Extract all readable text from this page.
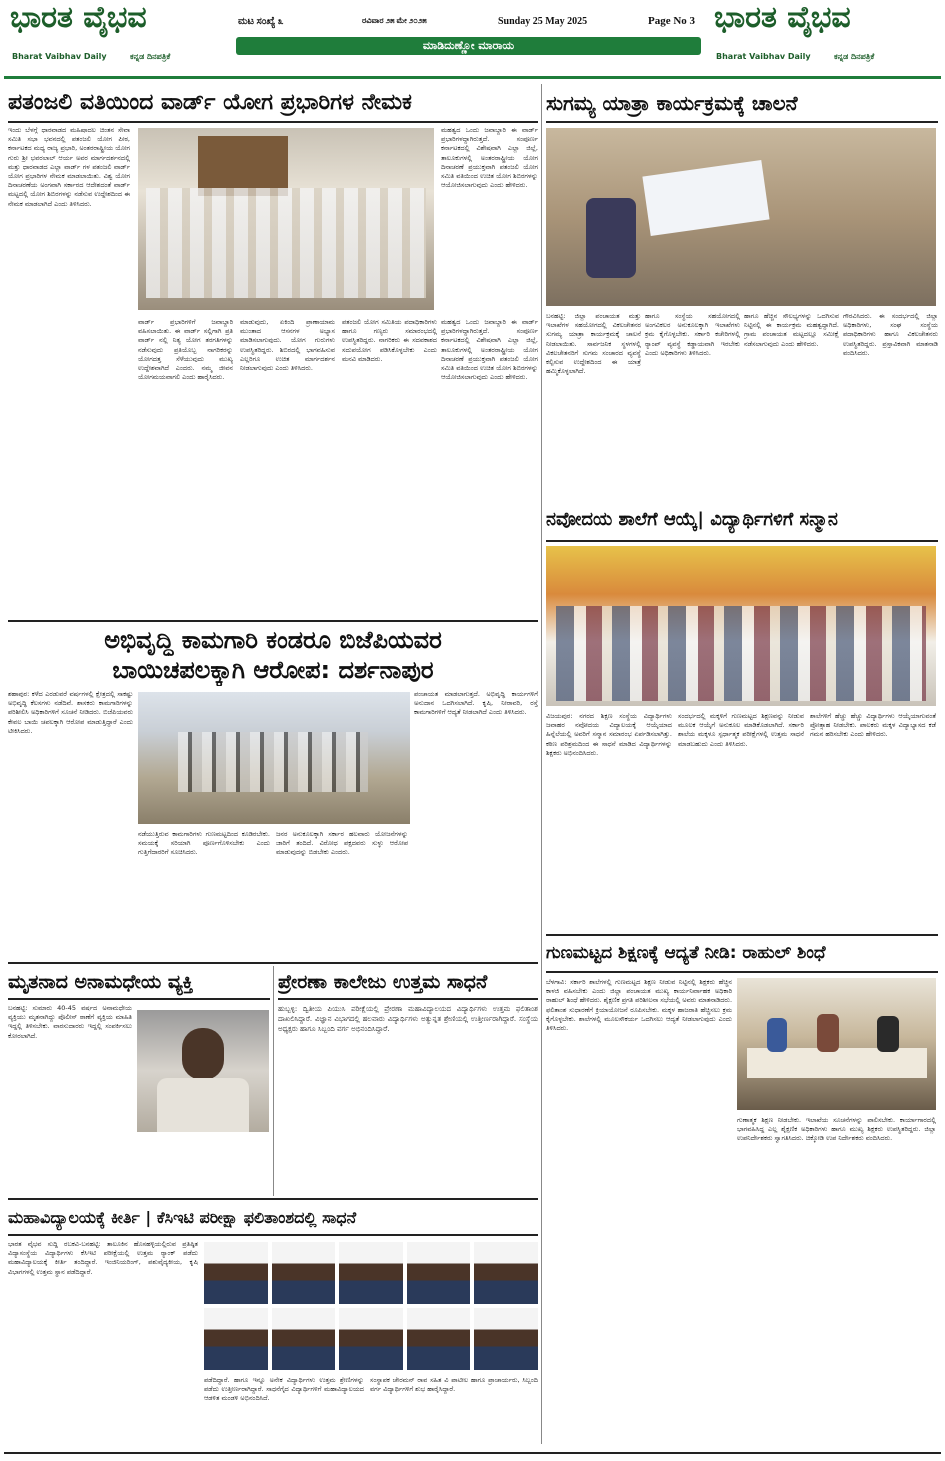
ಭಾರತ ವೈಭವ
Bharat Vaibhav Daily	ಕನ್ನಡ ದಿನಪತ್ರಿಕೆ
ಮಟ ಸಂಖ್ಯೆ ೩	ರವಿವಾರ ೨೫ ಮೇ ೨೦೨೫	Sunday 25 May 2025	Page No 3
ಮಾಡಿದುಣ್ಣೋ ಮಾರಾಯ
ಭಾರತ ವೈಭವ
Bharat Vaibhav Daily	ಕನ್ನಡ ದಿನಪತ್ರಿಕೆ
ಪತಂಜಲಿ ವತಿಯಿಂದ ವಾರ್ಡ್ ಯೋಗ ಪ್ರಭಾರಿಗಳ ನೇಮಕ
ಇಂದು ಬೆಳಗ್ಗೆ ಧಾರವಾಡದ ಮಹಿಷಾದಲ ಚಿಂತನ ಸೇವಾ ಸಮಿತಿ ಸಭಾ ಭವನದಲ್ಲಿ ಪತಂಜಲಿ ಯೋಗ ಪೀಠ, ಕರ್ನಾಟಕದ ಮಧ್ಯ ರಾಜ್ಯ ಪ್ರಭಾರಿ, ಅಂತರರಾಷ್ಟ್ರೀಯ ಯೋಗ ಗುರು ಶ್ರೀ ಭವರಲಾಲ್ ಆರ್ಯ ಅವರ ಮಾರ್ಗದರ್ಶನದಲ್ಲಿ ಮತ್ತು ಧಾರವಾಡದ ಎಲ್ಲಾ ವಾರ್ಡ್ ಗಳ ಪತಂಜಲಿ ವಾರ್ಡ್ ಯೋಗ ಪ್ರಭಾರಿಗಳ ನೇಮಕ ಮಾಡಲಾಯಿತು. ವಿಶ್ವ ಯೋಗ ದಿನಾಚರಣೆಯ ಅಂಗವಾಗಿ ಸರ್ಕಾರದ ಆದೇಶದಂತೆ ವಾರ್ಡ್ ಮಟ್ಟದಲ್ಲಿ ಯೋಗ ಶಿಬಿರಗಳನ್ನು ನಡೆಸುವ ಉದ್ದೇಶದಿಂದ ಈ ನೇಮಕ ಮಾಡಲಾಗಿದೆ ಎಂದು ತಿಳಿಸಿದರು.
ಮಹತ್ವದ ಒಂದು ಜವಾಬ್ದಾರಿ ಈ ವಾರ್ಡ್ ಪ್ರಭಾರಿಗಳದ್ದಾಗಿರುತ್ತದೆ. ಸಂಪೂರ್ಣ ಕರ್ನಾಟಕದಲ್ಲಿ ವಿಶೇಷವಾಗಿ ಎಲ್ಲಾ ಜಿಲ್ಲೆ, ತಾಲೂಕುಗಳಲ್ಲಿ ಅಂತರರಾಷ್ಟ್ರೀಯ ಯೋಗ ದಿನಾಚರಣೆ ಪ್ರಯುಕ್ತವಾಗಿ ಪತಂಜಲಿ ಯೋಗ ಸಮಿತಿ ವತಿಯಿಂದ ಉಚಿತ ಯೋಗ ಶಿಬಿರಗಳನ್ನು ಆಯೋಜಿಸಲಾಗುವುದು ಎಂದು ಹೇಳಿದರು.
ವಾರ್ಡ್ ಪ್ರಭಾರಿಗಳಿಗೆ ಜವಾಬ್ದಾರಿ ವಹಿಸಲಾಯಿತು. ಈ ವಾರ್ಡ್ ಸಲ್ಲಿಗಾಗಿ ಪ್ರತಿ ವಾರ್ಡ್ ನಲ್ಲಿ ನಿತ್ಯ ಯೋಗ ತರಗತಿಗಳನ್ನು ನಡೆಸುವುದು ಪ್ರತಿಯೊಬ್ಬ ನಾಗರಿಕರನ್ನು ಯೋಗದತ್ತ ಸೆಳೆಯುವುದು ಮುಖ್ಯ ಉದ್ದೇಶವಾಗಿದೆ ಎಂದರು. ನಮ್ಮ ಜೀವನ ಯೋಗಮಯವಾಗಲಿ ಎಂದು ಹಾರೈಸಿದರು.
ಮಾಡುವುದು, ಏಕಿಂದಿ ಪ್ರಾಣಾಯಾಮ ಮುಂತಾದ ಆಸನಗಳ ಅಭ್ಯಾಸ ಮಾಡಿಸಲಾಗುವುದು. ಯೋಗ ಗುರುಗಳು ಉಪಸ್ಥಿತರಿದ್ದರು. ಶಿಬಿರದಲ್ಲಿ ಭಾಗವಹಿಸುವ ಎಲ್ಲರಿಗೂ ಉಚಿತ ಮಾರ್ಗದರ್ಶನ ನೀಡಲಾಗುವುದು ಎಂದು ತಿಳಿಸಿದರು.
ಪತಂಜಲಿ ಯೋಗ ಸಮಿತಿಯ ಪದಾಧಿಕಾರಿಗಳು ಹಾಗೂ ಗಣ್ಯರು ಸಮಾರಂಭದಲ್ಲಿ ಉಪಸ್ಥಿತರಿದ್ದರು. ನಾಗರಿಕರು ಈ ಸದವಕಾಶದ ಸದುಪಯೋಗ ಪಡಿಸಿಕೊಳ್ಳಬೇಕು ಎಂದು ಮನವಿ ಮಾಡಿದರು.
ಮಹತ್ವದ ಒಂದು ಜವಾಬ್ದಾರಿ ಈ ವಾರ್ಡ್ ಪ್ರಭಾರಿಗಳದ್ದಾಗಿರುತ್ತದೆ. ಸಂಪೂರ್ಣ ಕರ್ನಾಟಕದಲ್ಲಿ ವಿಶೇಷವಾಗಿ ಎಲ್ಲಾ ಜಿಲ್ಲೆ, ತಾಲೂಕುಗಳಲ್ಲಿ ಅಂತರರಾಷ್ಟ್ರೀಯ ಯೋಗ ದಿನಾಚರಣೆ ಪ್ರಯುಕ್ತವಾಗಿ ಪತಂಜಲಿ ಯೋಗ ಸಮಿತಿ ವತಿಯಿಂದ ಉಚಿತ ಯೋಗ ಶಿಬಿರಗಳನ್ನು ಆಯೋಜಿಸಲಾಗುವುದು ಎಂದು ಹೇಳಿದರು.
ಸುಗಮ್ಯ ಯಾತ್ರಾ ಕಾರ್ಯಕ್ರಮಕ್ಕೆ ಚಾಲನೆ
ಬನಹಟ್ಟಿ: ಜಿಲ್ಲಾ ಪಂಚಾಯತ ಮತ್ತು ಇಲಾಖೆಗಳ ಸಹಯೋಗದಲ್ಲಿ ವಿಕಲಚೇತನರ ಸುಗಮ್ಯ ಯಾತ್ರಾ ಕಾರ್ಯಕ್ರಮಕ್ಕೆ ಚಾಲನೆ ನೀಡಲಾಯಿತು. ಸಾರ್ವಜನಿಕ ಸ್ಥಳಗಳಲ್ಲಿ ವಿಕಲಚೇತನರಿಗೆ ಸುಗಮ ಸಂಚಾರದ ವ್ಯವಸ್ಥೆ ಕಲ್ಪಿಸುವ ಉದ್ದೇಶದಿಂದ ಈ ಯಾತ್ರೆ ಹಮ್ಮಿಕೊಳ್ಳಲಾಗಿದೆ.
ಹಾಗೂ ಸಂಸ್ಥೆಯ ಸಹಯೋಗದಲ್ಲಿ ಅಂಗವಿಕಲರ ಅನುಕೂಲಕ್ಕಾಗಿ ಇಲಾಖೆಗಳು ಕ್ರಮ ಕೈಗೊಳ್ಳಬೇಕು. ಸರ್ಕಾರಿ ಕಚೇರಿಗಳಲ್ಲಿ ರ್‍ಯಾಂಪ್ ವ್ಯವಸ್ಥೆ ಕಡ್ಡಾಯವಾಗಿ ಇರಬೇಕು ಎಂದು ಅಧಿಕಾರಿಗಳು ತಿಳಿಸಿದರು.
ಹಾಗೂ ಹೆಚ್ಚಿನ ಸೌಲಭ್ಯಗಳನ್ನು ಒದಗಿಸುವ ನಿಟ್ಟಿನಲ್ಲಿ ಈ ಕಾರ್ಯಕ್ರಮ ಮಹತ್ವದ್ದಾಗಿದೆ. ಗ್ರಾಮ ಪಂಚಾಯತ ಮಟ್ಟದಲ್ಲೂ ಸಮೀಕ್ಷೆ ನಡೆಸಲಾಗುವುದು ಎಂದು ಹೇಳಿದರು.
ಗೌರವಿಸಿದರು. ಈ ಸಂದರ್ಭದಲ್ಲಿ ಜಿಲ್ಲಾ ಅಧಿಕಾರಿಗಳು, ಸಂಘ ಸಂಸ್ಥೆಯ ಪದಾಧಿಕಾರಿಗಳು ಹಾಗೂ ವಿಕಲಚೇತನರು ಉಪಸ್ಥಿತರಿದ್ದರು. ಪ್ರಸ್ತಾವಿಕವಾಗಿ ಮಾತನಾಡಿ ವಂದಿಸಿದರು.
ನವೋದಯ ಶಾಲೆಗೆ ಆಯ್ಕೆ| ವಿದ್ಯಾರ್ಥಿಗಳಿಗೆ ಸನ್ಮಾನ
ವಿಜಯಪುರ: ನಗರದ ಶಿಕ್ಷಣ ಸಂಸ್ಥೆಯ ವಿದ್ಯಾರ್ಥಿಗಳು ಜವಾಹರ ನವೋದಯ ವಿದ್ಯಾಲಯಕ್ಕೆ ಆಯ್ಕೆಯಾದ ಹಿನ್ನೆಲೆಯಲ್ಲಿ ಅವರಿಗೆ ಸನ್ಮಾನ ಸಮಾರಂಭ ಏರ್ಪಡಿಸಲಾಗಿತ್ತು. ಕಠಿಣ ಪರಿಶ್ರಮದಿಂದ ಈ ಸಾಧನೆ ಮಾಡಿದ ವಿದ್ಯಾರ್ಥಿಗಳನ್ನು ಶಿಕ್ಷಕರು ಅಭಿನಂದಿಸಿದರು.
ಸಂದರ್ಭದಲ್ಲಿ ಮಕ್ಕಳಿಗೆ ಗುಣಮಟ್ಟದ ಶಿಕ್ಷಣವನ್ನು ನೀಡುವ ಮೂಲಕ ಆಯ್ಕೆಗೆ ಅನುಕೂಲ ಮಾಡಿಕೊಡಲಾಗಿದೆ. ಸರ್ಕಾರಿ ಶಾಲೆಯ ಮಕ್ಕಳೂ ಸ್ಪರ್ಧಾತ್ಮಕ ಪರೀಕ್ಷೆಗಳಲ್ಲಿ ಉತ್ತಮ ಸಾಧನೆ ಮಾಡಬಹುದು ಎಂದು ತಿಳಿಸಿದರು.
ಶಾಲೆಗಳಿಗೆ ಹೆಚ್ಚು ಹೆಚ್ಚು ವಿದ್ಯಾರ್ಥಿಗಳು ಆಯ್ಕೆಯಾಗುವಂತೆ ಪ್ರೋತ್ಸಾಹ ನೀಡಬೇಕು. ಪಾಲಕರು ಮಕ್ಕಳ ವಿದ್ಯಾಭ್ಯಾಸದ ಕಡೆ ಗಮನ ಹರಿಸಬೇಕು ಎಂದು ಹೇಳಿದರು.
ಅಭಿವೃದ್ಧಿ ಕಾಮಗಾರಿ ಕಂಡರೂ ಬಿಜೆಪಿಯವರ
ಬಾಯಿಚಪಲಕ್ಕಾಗಿ ಆರೋಪ: ದರ್ಶನಾಪುರ
ಶಹಾಪುರ: ಕಳೆದ ಎರಡುವರೆ ವರ್ಷಗಳಲ್ಲಿ ಕ್ಷೇತ್ರದಲ್ಲಿ ಸಾಕಷ್ಟು ಅಭಿವೃದ್ಧಿ ಕೆಲಸಗಳು ನಡೆದಿವೆ. ಶಾಸಕರು ಕಾಮಗಾರಿಗಳನ್ನು ಪರಿಶೀಲಿಸಿ ಅಧಿಕಾರಿಗಳಿಗೆ ಸೂಚನೆ ನೀಡಿದರು. ಬಿಜೆಪಿಯವರು ಕೇವಲ ಬಾಯಿ ಚಪಲಕ್ಕಾಗಿ ಆರೋಪ ಮಾಡುತ್ತಿದ್ದಾರೆ ಎಂದು ಟೀಕಿಸಿದರು.
ಪಂಚಾಯತ ಮಾಡಲಾಗುತ್ತದೆ. ಅಭಿವೃದ್ಧಿ ಕಾರ್ಯಗಳಿಗೆ ಅನುದಾನ ಒದಗಿಸಲಾಗಿದೆ. ಕೃಷಿ, ನೀರಾವರಿ, ರಸ್ತೆ ಕಾಮಗಾರಿಗಳಿಗೆ ಆದ್ಯತೆ ನೀಡಲಾಗಿದೆ ಎಂದು ತಿಳಿಸಿದರು.
ನಡೆಯುತ್ತಿರುವ ಕಾಮಗಾರಿಗಳು ಗುಣಮಟ್ಟದಿಂದ ಕೂಡಿರಬೇಕು. ಸಮಯಕ್ಕೆ ಸರಿಯಾಗಿ ಪೂರ್ಣಗೊಳಿಸಬೇಕು ಎಂದು ಗುತ್ತಿಗೆದಾರರಿಗೆ ಸೂಚಿಸಿದರು.
ಜನರ ಅನುಕೂಲಕ್ಕಾಗಿ ಸರ್ಕಾರ ಹಲವಾರು ಯೋಜನೆಗಳನ್ನು ಜಾರಿಗೆ ತಂದಿದೆ. ವಿರೋಧ ಪಕ್ಷದವರು ಸುಳ್ಳು ಆರೋಪ ಮಾಡುವುದನ್ನು ಬಿಡಬೇಕು ಎಂದರು.
ಮೃತನಾದ ಅನಾಮಧೇಯ ವ್ಯಕ್ತಿ
ಬನಹಟ್ಟಿ: ಸುಮಾರು 40-45 ವರ್ಷದ ಅನಾಮಧೇಯ ವ್ಯಕ್ತಿಯು ಮೃತನಾಗಿದ್ದು ಪೊಲೀಸ್ ಠಾಣೆಗೆ ವ್ಯಕ್ತಿಯ ಮಾಹಿತಿ ಇದ್ದಲ್ಲಿ ತಿಳಿಸಬೇಕು. ವಾರಸುದಾರರು ಇದ್ದಲ್ಲಿ ಸಂಪರ್ಕಿಸಲು ಕೋರಲಾಗಿದೆ.
ಪ್ರೇರಣಾ ಕಾಲೇಜು ಉತ್ತಮ ಸಾಧನೆ
ಹುಬ್ಬಳ್ಳಿ: ದ್ವಿತೀಯ ಪಿಯುಸಿ ಪರೀಕ್ಷೆಯಲ್ಲಿ ಪ್ರೇರಣಾ ಮಹಾವಿದ್ಯಾಲಯದ ವಿದ್ಯಾರ್ಥಿಗಳು ಉತ್ತಮ ಫಲಿತಾಂಶ ದಾಖಲಿಸಿದ್ದಾರೆ. ವಿಜ್ಞಾನ ವಿಭಾಗದಲ್ಲಿ ಹಲವಾರು ವಿದ್ಯಾರ್ಥಿಗಳು ಅತ್ಯುನ್ನತ ಶ್ರೇಣಿಯಲ್ಲಿ ಉತ್ತೀರ್ಣರಾಗಿದ್ದಾರೆ. ಸಂಸ್ಥೆಯ ಅಧ್ಯಕ್ಷರು ಹಾಗೂ ಸಿಬ್ಬಂದಿ ವರ್ಗ ಅಭಿನಂದಿಸಿದ್ದಾರೆ.
ಮಹಾವಿದ್ಯಾಲಯಕ್ಕೆ ಕೀರ್ತಿ | ಕೆಸಿಇಟಿ ಪರೀಕ್ಷಾ ಫಲಿತಾಂಶದಲ್ಲಿ ಸಾಧನೆ
ಭಾರತ ವೈಭವ ಸುದ್ದಿ ರಬಕವಿ-ಬನಹಟ್ಟಿ: ತಾಲೂಕಿನ ಹೊಸಹಳ್ಳಿಯಲ್ಲಿರುವ ಪ್ರತಿಷ್ಠಿತ ವಿದ್ಯಾಸಂಸ್ಥೆಯ ವಿದ್ಯಾರ್ಥಿಗಳು ಕೆಸಿಇಟಿ ಪರೀಕ್ಷೆಯಲ್ಲಿ ಉತ್ತಮ ರ್‍ಯಾಂಕ್ ಪಡೆದು ಮಹಾವಿದ್ಯಾಲಯಕ್ಕೆ ಕೀರ್ತಿ ತಂದಿದ್ದಾರೆ. ಇಂಜಿನಿಯರಿಂಗ್, ಪಶುವೈದ್ಯಕೀಯ, ಕೃಷಿ ವಿಭಾಗಗಳಲ್ಲಿ ಉತ್ತಮ ಸ್ಥಾನ ಪಡೆದಿದ್ದಾರೆ.
ಪಡೆದಿದ್ದಾರೆ. ಹಾಗೂ ಇನ್ನೂ ಅನೇಕ ವಿದ್ಯಾರ್ಥಿಗಳು ಉತ್ತಮ ಶ್ರೇಣಿಗಳನ್ನು ಪಡೆದು ಉತ್ತೀರ್ಣರಾಗಿದ್ದಾರೆ. ಸಾಧನೆಗೈದ ವಿದ್ಯಾರ್ಥಿಗಳಿಗೆ ಮಹಾವಿದ್ಯಾಲಯದ ಆಡಳಿತ ಮಂಡಳಿ ಅಭಿನಂದಿಸಿದೆ.
ಸಂಸ್ಥಾಪಕ ಚೇರಮನ್ ರಾವ ಸಹಿತ ವಿ ಪಾಟೀಲ ಹಾಗೂ ಪ್ರಾಚಾರ್ಯರು, ಸಿಬ್ಬಂದಿ ವರ್ಗ ವಿದ್ಯಾರ್ಥಿಗಳಿಗೆ ಶುಭ ಹಾರೈಸಿದ್ದಾರೆ.
ಗುಣಮಟ್ಟದ ಶಿಕ್ಷಣಕ್ಕೆ ಆದ್ಯತೆ ನೀಡಿ: ರಾಹುಲ್ ಶಿಂಧೆ
ಬೆಳಗಾವಿ: ಸರ್ಕಾರಿ ಶಾಲೆಗಳಲ್ಲಿ ಗುಣಮಟ್ಟದ ಶಿಕ್ಷಣ ನೀಡುವ ನಿಟ್ಟಿನಲ್ಲಿ ಶಿಕ್ಷಕರು ಹೆಚ್ಚಿನ ಕಾಳಜಿ ವಹಿಸಬೇಕು ಎಂದು ಜಿಲ್ಲಾ ಪಂಚಾಯತ ಮುಖ್ಯ ಕಾರ್ಯನಿರ್ವಾಹಕ ಅಧಿಕಾರಿ ರಾಹುಲ್ ಶಿಂಧೆ ಹೇಳಿದರು. ಶೈಕ್ಷಣಿಕ ಪ್ರಗತಿ ಪರಿಶೀಲನಾ ಸಭೆಯಲ್ಲಿ ಅವರು ಮಾತನಾಡಿದರು. ಫಲಿತಾಂಶ ಸುಧಾರಣೆಗೆ ಕ್ರಿಯಾಯೋಜನೆ ರೂಪಿಸಬೇಕು. ಮಕ್ಕಳ ಹಾಜರಾತಿ ಹೆಚ್ಚಿಸಲು ಕ್ರಮ ಕೈಗೊಳ್ಳಬೇಕು. ಶಾಲೆಗಳಲ್ಲಿ ಮೂಲಸೌಕರ್ಯ ಒದಗಿಸಲು ಆದ್ಯತೆ ನೀಡಲಾಗುವುದು ಎಂದು ತಿಳಿಸಿದರು.
ಗುಣಾತ್ಮಕ ಶಿಕ್ಷಣ ನೀಡಬೇಕು. ಇಲಾಖೆಯ ಸೂಚನೆಗಳನ್ನು ಪಾಲಿಸಬೇಕು. ಕಾರ್ಯಾಗಾರದಲ್ಲಿ ಭಾಗವಹಿಸಿದ್ದ ಎಲ್ಲ ಶೈಕ್ಷಣಿಕ ಅಧಿಕಾರಿಗಳು ಹಾಗೂ ಮುಖ್ಯ ಶಿಕ್ಷಕರು ಉಪಸ್ಥಿತರಿದ್ದರು. ಜಿಲ್ಲಾ ಉಪನಿರ್ದೇಶಕರು ಸ್ವಾಗತಿಸಿದರು. ಚಿಕ್ಕೋಡಿ ಉಪ ನಿರ್ದೇಶಕರು ವಂದಿಸಿದರು.
